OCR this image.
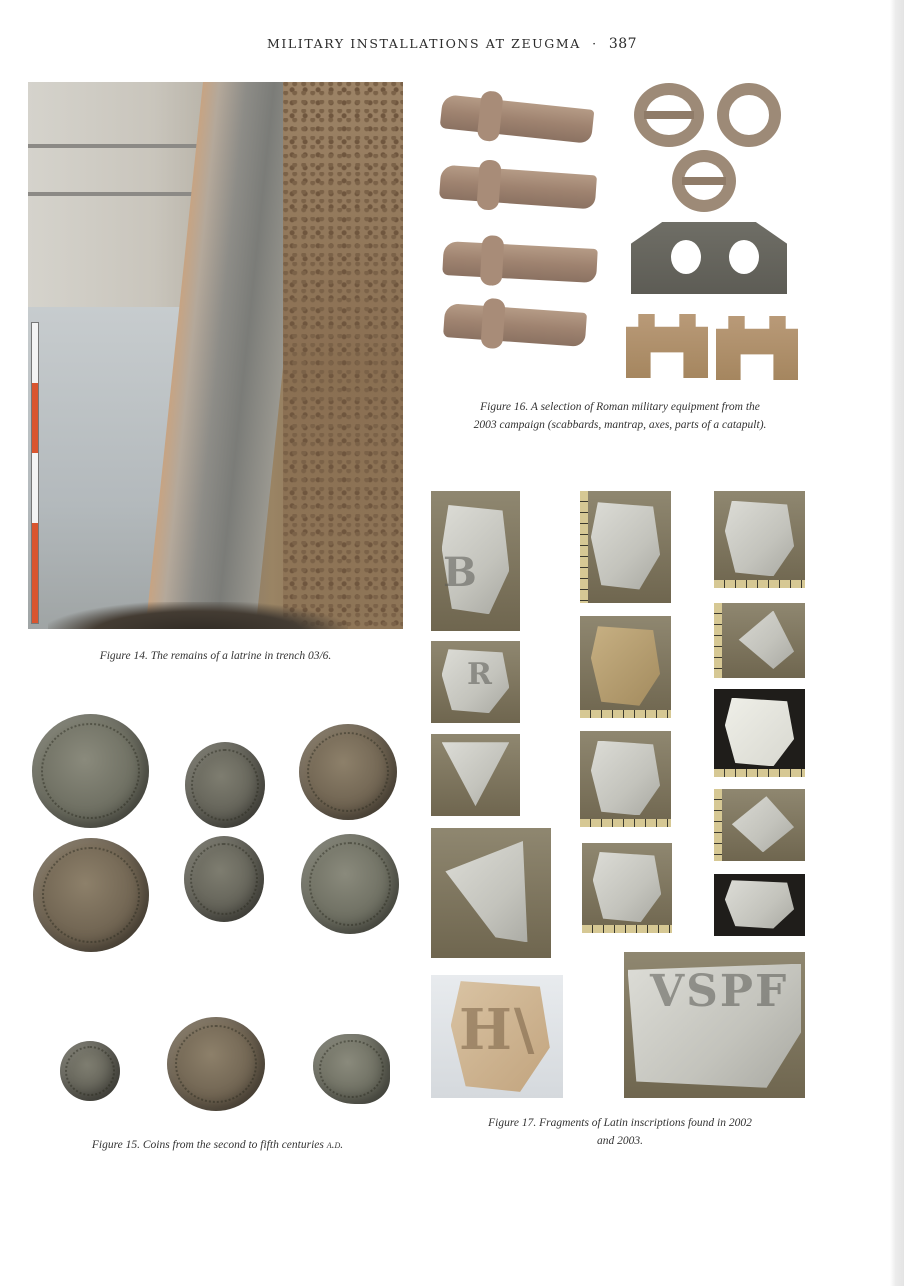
MILITARY INSTALLATIONS AT ZEUGMA · 387
Figure 14. The remains of a latrine in trench 03/6.
Figure 16. A selection of Roman military equipment from the
2003 campaign (scabbards, mantrap, axes, parts of a catapult).
Figure 15. Coins from the second to fifth centuries a.d.
B
R
H\
VSPF
Figure 17. Fragments of Latin inscriptions found in 2002
and 2003.
